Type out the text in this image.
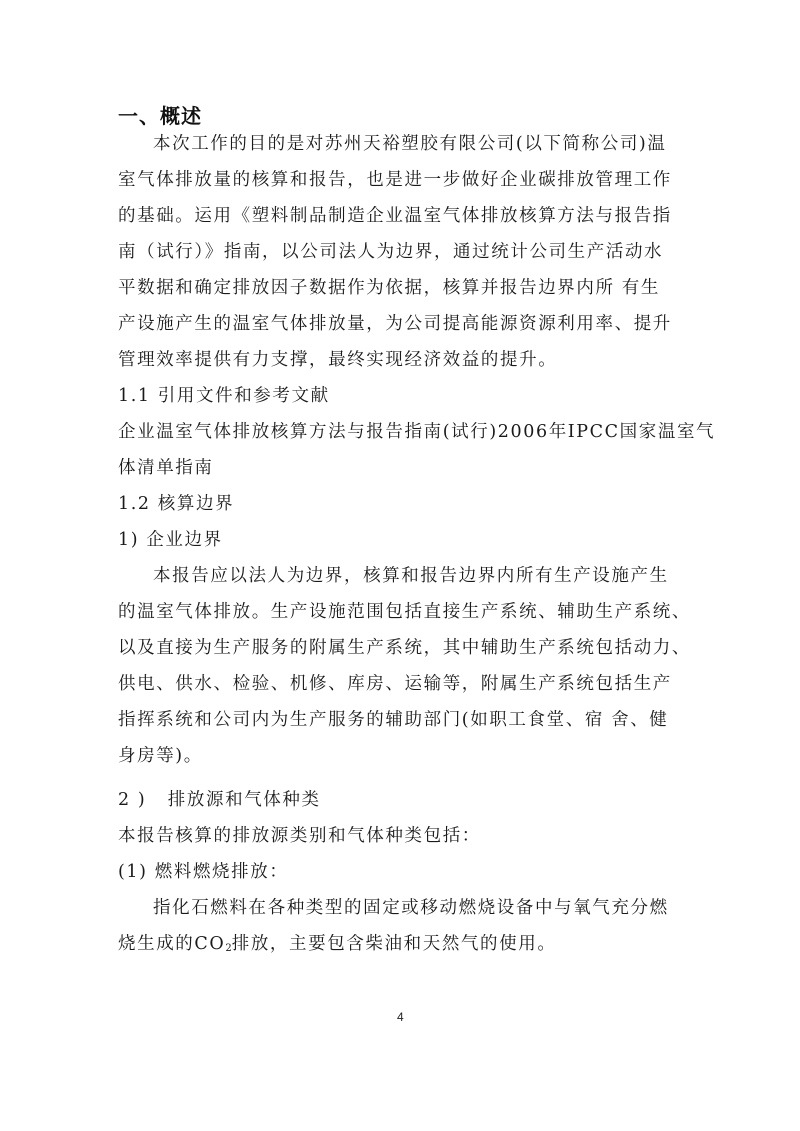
一、概述
本次工作的目的是对苏州天裕塑胶有限公司(以下简称公司)温
室气体排放量的核算和报告，也是进一步做好企业碳排放管理工作
的基础。运用《塑料制品制造企业温室气体排放核算方法与报告指
南（试行）》指南，以公司法人为边界，通过统计公司生产活动水
平数据和确定排放因子数据作为依据，核算并报告边界内所 有生
产设施产生的温室气体排放量，为公司提高能源资源利用率、提升
管理效率提供有力支撑，最终实现经济效益的提升。
1.1 引用文件和参考文献
企业温室气体排放核算方法与报告指南(试行)2006年IPCC国家温室气
体清单指南
1.2 核算边界
1) 企业边界
本报告应以法人为边界，核算和报告边界内所有生产设施产生
的温室气体排放。生产设施范围包括直接生产系统、辅助生产系统、
以及直接为生产服务的附属生产系统，其中辅助生产系统包括动力、
供电、供水、检验、机修、库房、运输等，附属生产系统包括生产
指挥系统和公司内为生产服务的辅助部门(如职工食堂、宿 舍、健
身房等)。
2 )   排放源和气体种类
本报告核算的排放源类别和气体种类包括：
(1) 燃料燃烧排放：
指化石燃料在各种类型的固定或移动燃烧设备中与氧气充分燃
烧生成的$CO_2$排放，主要包含柴油和天然气的使用。
4
